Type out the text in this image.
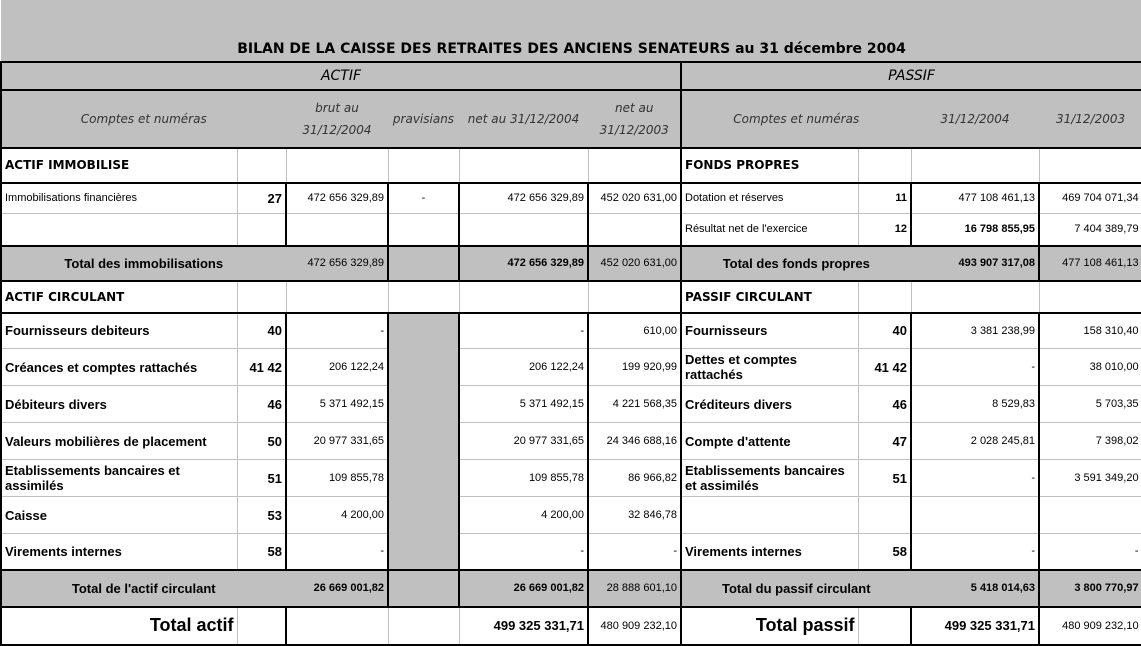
BILAN DE LA CAISSE DES RETRAITES DES ANCIENS SENATEURS au 31 décembre 2004									
ACTIF						PASSIF			
Comptes et numéras		brut au 31/12/2004	pravisians	net au 31/12/2004	net au 31/12/2003	Comptes et numéras		31/12/2004	31/12/2003
ACTIF IMMOBILISE						FONDS PROPRES			
Immobilisations financières	27	472 656 329,89	-	472 656 329,89	452 020 631,00	Dotation et réserves	11	477 108 461,13	469 704 071,34
						Résultat net de l'exercice	12	16 798 855,95	7 404 389,79
Total des immobilisations		472 656 329,89		472 656 329,89	452 020 631,00	Total des fonds propres		493 907 317,08	477 108 461,13
ACTIF CIRCULANT						PASSIF CIRCULANT			
Fournisseurs debiteurs	40	-		-	610,00	Fournisseurs	40	3 381 238,99	158 310,40
Créances et comptes rattachés	41 42	206 122,24		206 122,24	199 920,99	Dettes et comptes rattachés	41 42	-	38 010,00
Débiteurs divers	46	5 371 492,15		5 371 492,15	4 221 568,35	Créditeurs divers	46	8 529,83	5 703,35
Valeurs mobilières de placement	50	20 977 331,65		20 977 331,65	24 346 688,16	Compte d'attente	47	2 028 245,81	7 398,02
Etablissements bancaires et assimilés	51	109 855,78		109 855,78	86 966,82	Etablissements bancaires et assimilés	51	-	3 591 349,20
Caisse	53	4 200,00		4 200,00	32 846,78				
Virements internes	58	-		-	-	Virements internes	58	-	-
Total de l'actif circulant		26 669 001,82		26 669 001,82	28 888 601,10	Total du passif circulant		5 418 014,63	3 800 770,97
Total actif				499 325 331,71	480 909 232,10	Total passif		499 325 331,71	480 909 232,10
